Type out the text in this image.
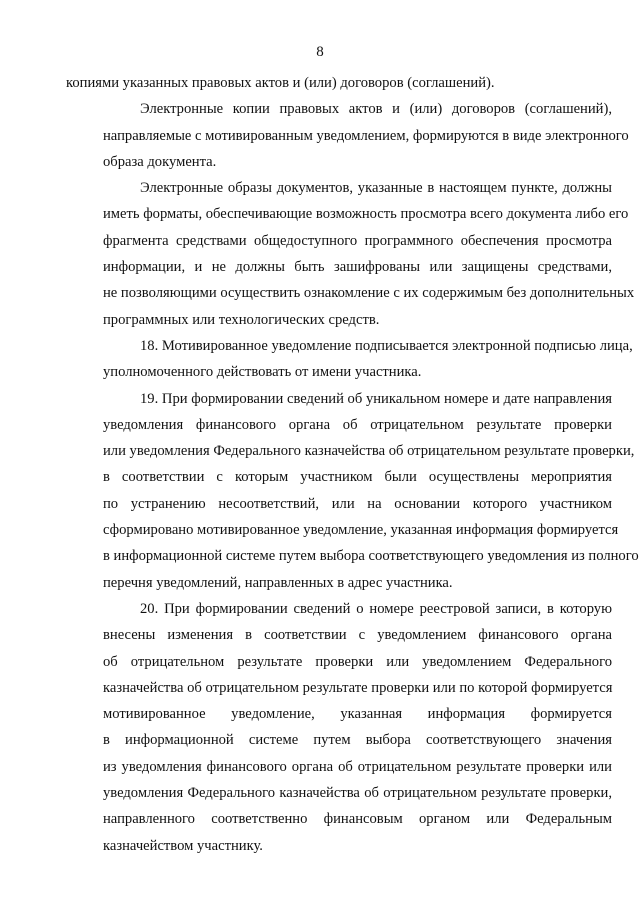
8

копиями указанных правовых актов и (или) договоров (соглашений).

Электронные копии правовых актов и (или) договоров (соглашений),
направляемые с мотивированным уведомлением, формируются в виде электронного
образа документа.

Электронные образы документов, указанные в настоящем пункте, должны
иметь форматы, обеспечивающие возможность просмотра всего документа либо его
фрагмента средствами общедоступного программного обеспечения просмотра
информации, и не должны быть зашифрованы или защищены средствами,
не позволяющими осуществить ознакомление с их содержимым без дополнительных
программных или технологических средств.

18. Мотивированное уведомление подписывается электронной подписью лица,
уполномоченного действовать от имени участника.

19. При формировании сведений об уникальном номере и дате направления
уведомления финансового органа об отрицательном результате проверки
или уведомления Федерального казначейства об отрицательном результате проверки,
в соответствии с которым участником были осуществлены мероприятия
по устранению несоответствий, или на основании которого участником
сформировано мотивированное уведомление, указанная информация формируется
в информационной системе путем выбора соответствующего уведомления из полного
перечня уведомлений, направленных в адрес участника.

20. При формировании сведений о номере реестровой записи, в которую
внесены изменения в соответствии с уведомлением финансового органа
об отрицательном результате проверки или уведомлением Федерального
казначейства об отрицательном результате проверки или по которой формируется
мотивированное уведомление, указанная информация формируется
в информационной системе путем выбора соответствующего значения
из уведомления финансового органа об отрицательном результате проверки или
уведомления Федерального казначейства об отрицательном результате проверки,
направленного соответственно финансовым органом или Федеральным
казначейством участнику.
